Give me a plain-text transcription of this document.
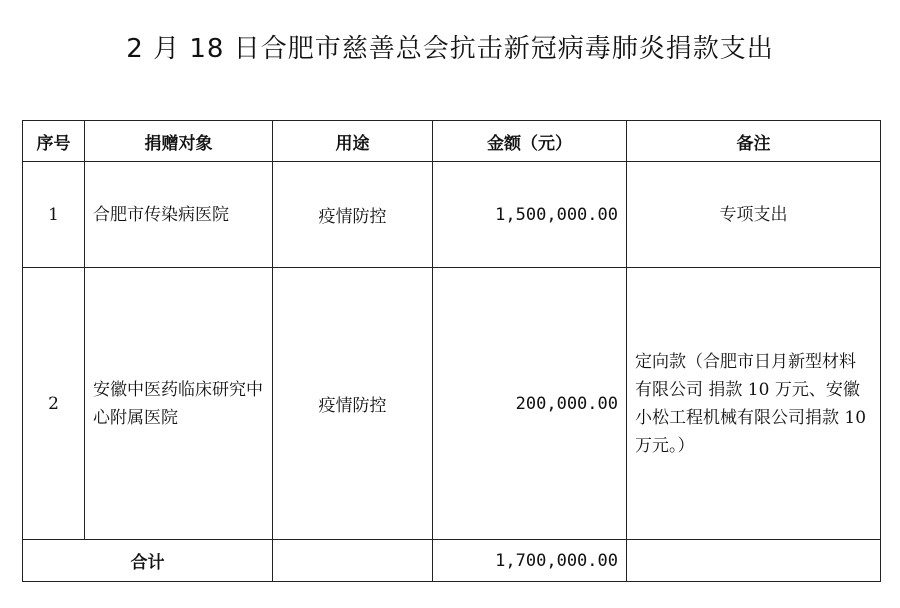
2 月 18 日合肥市慈善总会抗击新冠病毒肺炎捐款支出
序号	捐赠对象	用途	金额（元）	备注
1	合肥市传染病医院	疫情防控	1,500,000.00	专项支出
2	安徽中医药临床研究中心附属医院	疫情防控	200,000.00	定向款（合肥市日月新型材料有限公司 捐款 10 万元、安徽小松工程机械有限公司捐款 10 万元。）
合计			1,700,000.00	
